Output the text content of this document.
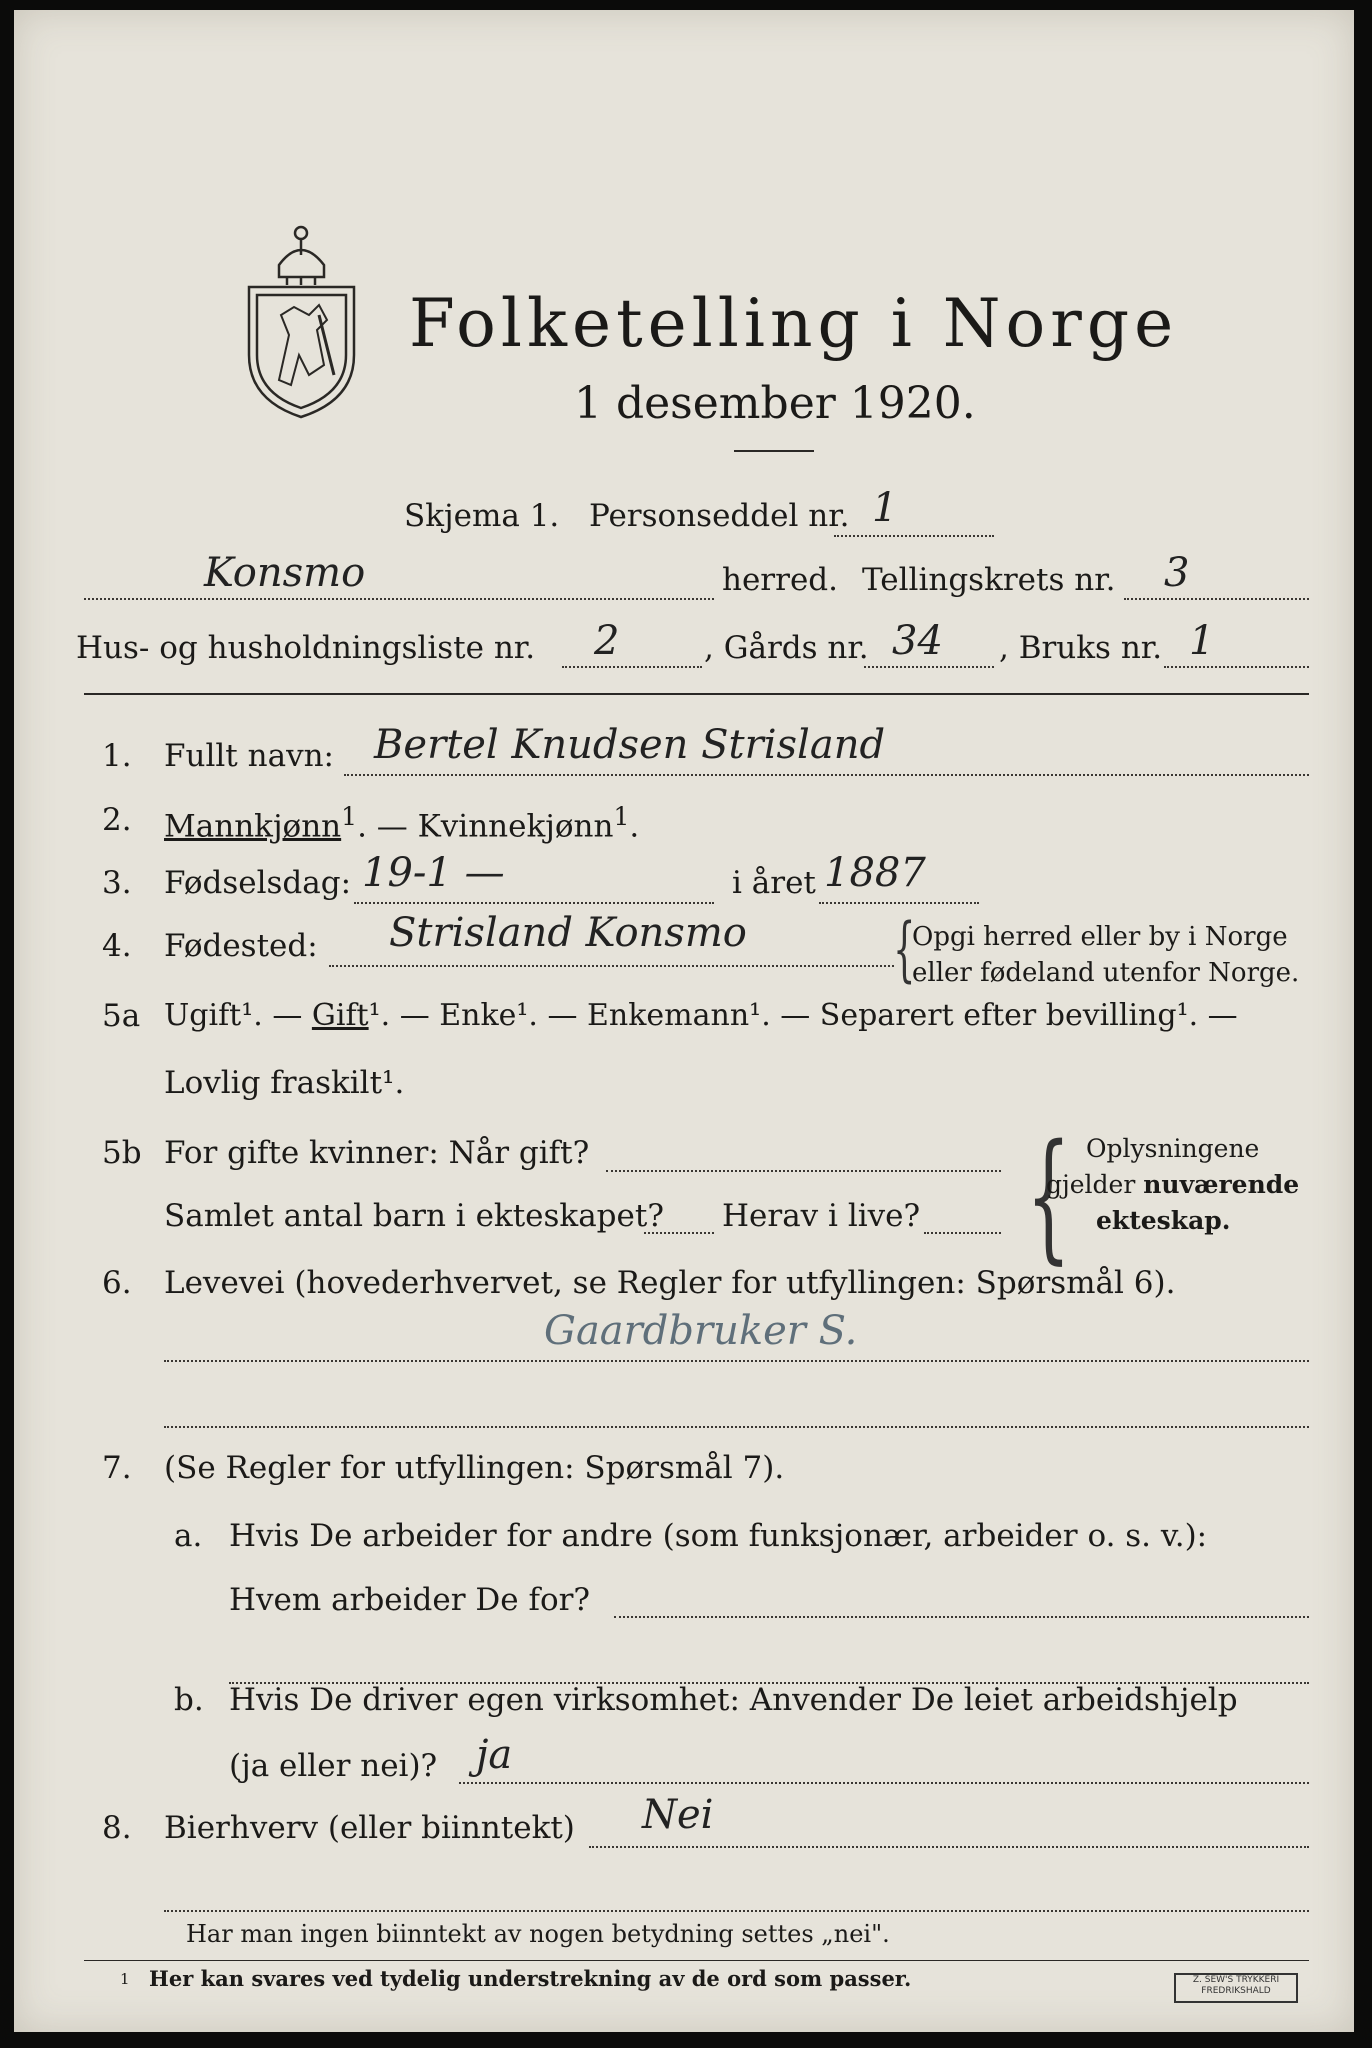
Folketelling i Norge
1 desember 1920.
Skjema 1. Personseddel nr. 1
Konsmo	herred. Tellingskrets nr. 3
Hus- og husholdningsliste nr. 2	, Gårds nr. 34 , Bruks nr. 1
1. Fullt navn: Bertel Knudsen Strisland
2. Mannkjønn$^1$. — Kvinnekjønn$^1$.
3. Fødselsdag: 19-1 —	i året 1887
4. Fødested: Strisland Konsmo {
Opgi herred eller by i Norge
eller fødeland utenfor Norge.
5a Ugift¹. — Gift¹. — Enke¹. — Enkemann¹. — Separert efter bevilling¹. —
Lovlig fraskilt¹.
5b For gifte kvinner: Når gift?
Samlet antal barn i ekteskapet? Herav i live? { Oplysningene
gjelder nuværende
ekteskap.
6. Levevei (hovederhvervet, se Regler for utfyllingen: Spørsmål 6).
Gaardbruker S.
7. (Se Regler for utfyllingen: Spørsmål 7).
a. Hvis De arbeider for andre (som funksjonær, arbeider o. s. v.):
Hvem arbeider De for?
b. Hvis De driver egen virksomhet: Anvender De leiet arbeidshjelp
(ja eller nei)? ja
8. Bierhverv (eller biinntekt) Nei
Har man ingen biinntekt av nogen betydning settes „nei".
1 Her kan svares ved tydelig understrekning av de ord som passer.	Z. SEW'S TRYKKERI
FREDRIKSHALD
